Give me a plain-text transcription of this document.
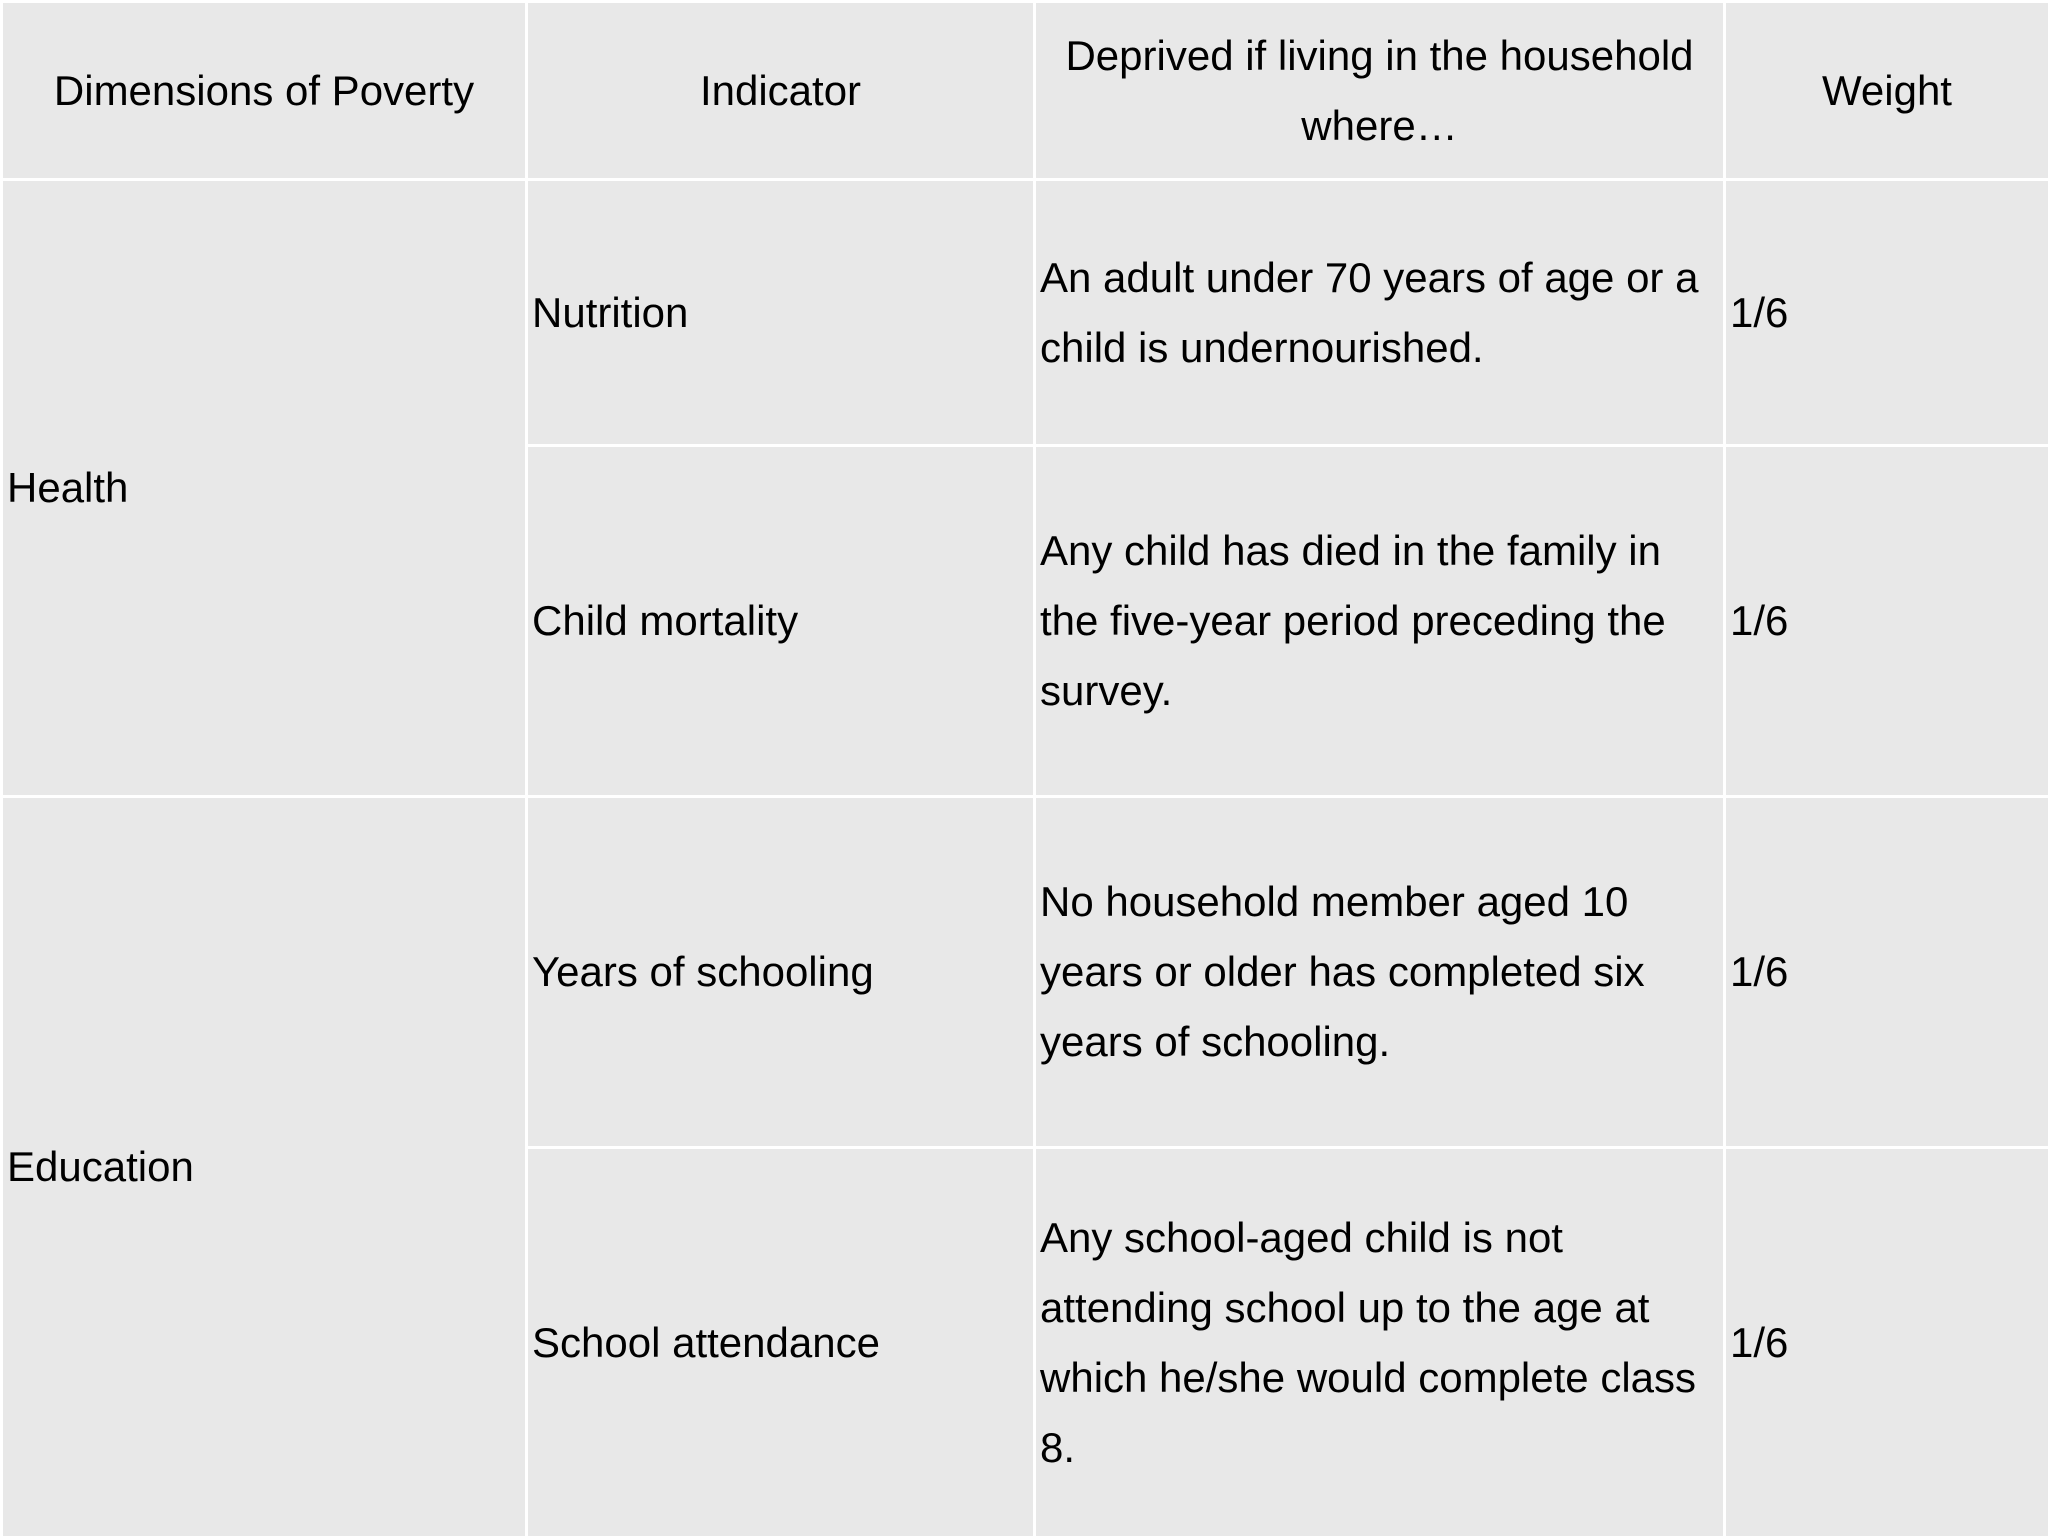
Dimensions of Poverty	Indicator	Deprived if living in the household where…	Weight
Health	Nutrition	An adult under 70 years of age or a child is undernourished.	1/6
	Child mortality	Any child has died in the family in the five-year period preceding the survey.	1/6
Education	Years of schooling	No household member aged 10 years or older has completed six years of schooling.	1/6
	School attendance	Any school-aged child is not attending school up to the age at which he/she would complete class 8.	1/6
